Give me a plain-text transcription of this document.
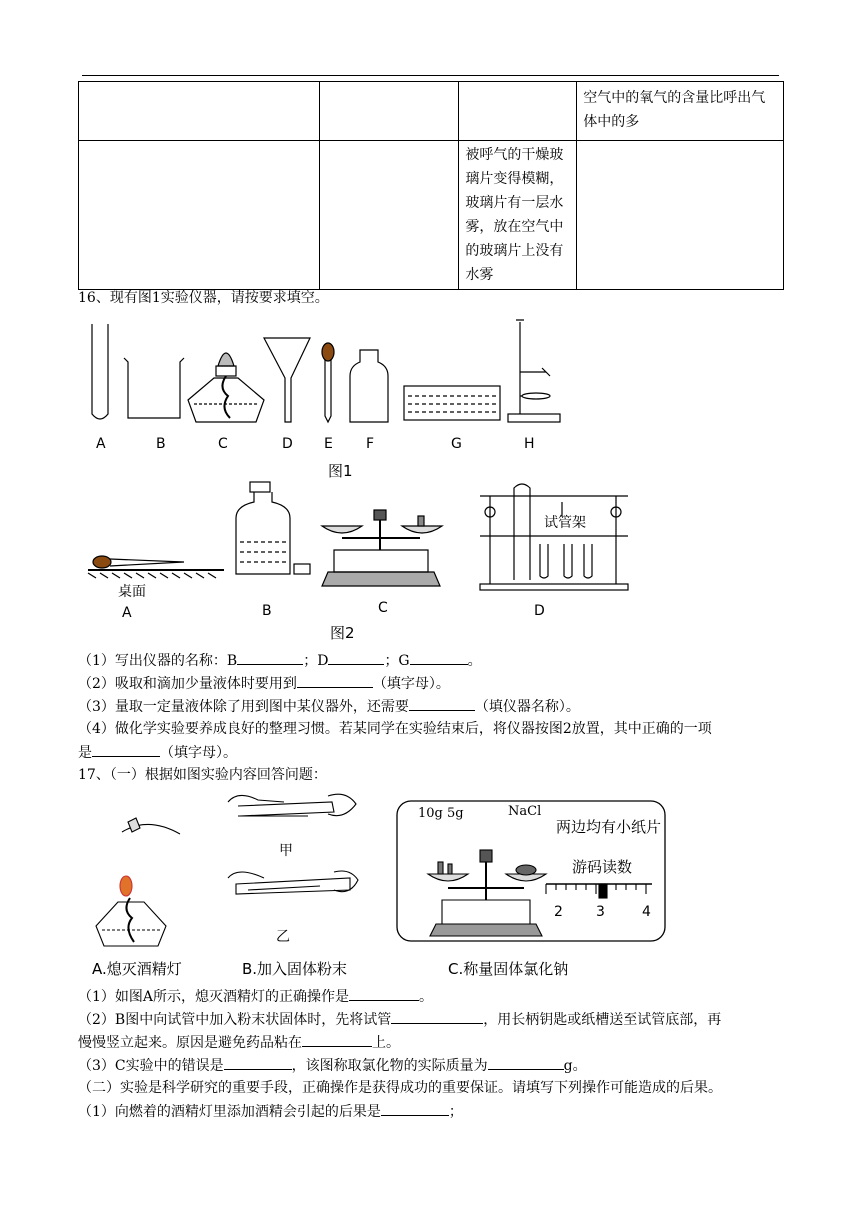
			空气中的氧气的含量比呼出气体中的多
		被呼气的干燥玻璃片变得模糊，玻璃片有一层水雾，放在空气中的玻璃片上没有水雾	
16、现有图1实验仪器，请按要求填空。
A	B	C	D E F	G	H
图1
桌面
试管架
A	B	C	D
图2
（1）写出仪器的名称：B	；D	；G	。
（2）吸取和滴加少量液体时要用到	（填字母）。
（3）量取一定量液体除了用到图中某仪器外，还需要	（填仪器名称）。
（4）做化学实验要养成良好的整理习惯。若某同学在实验结束后，将仪器按图2放置，其中正确的一项
是	（填字母）。
17、（一）根据如图实验内容回答问题：
甲
乙
10g 5g	NaCl
两边均有小纸片
游码读数
2 3	4
A.熄灭酒精灯	B.加入固体粉末	C.称量固体氯化钠
（1）如图A所示，熄灭酒精灯的正确操作是	。
（2）B图中向试管中加入粉末状固体时，先将试管	，用长柄钥匙或纸槽送至试管底部，再
慢慢竖立起来。原因是避免药品粘在	上。
（3）C实验中的错误是	，该图称取氯化物的实际质量为	g。
（二）实验是科学研究的重要手段，正确操作是获得成功的重要保证。请填写下列操作可能造成的后果。
（1）向燃着的酒精灯里添加酒精会引起的后果是	；
